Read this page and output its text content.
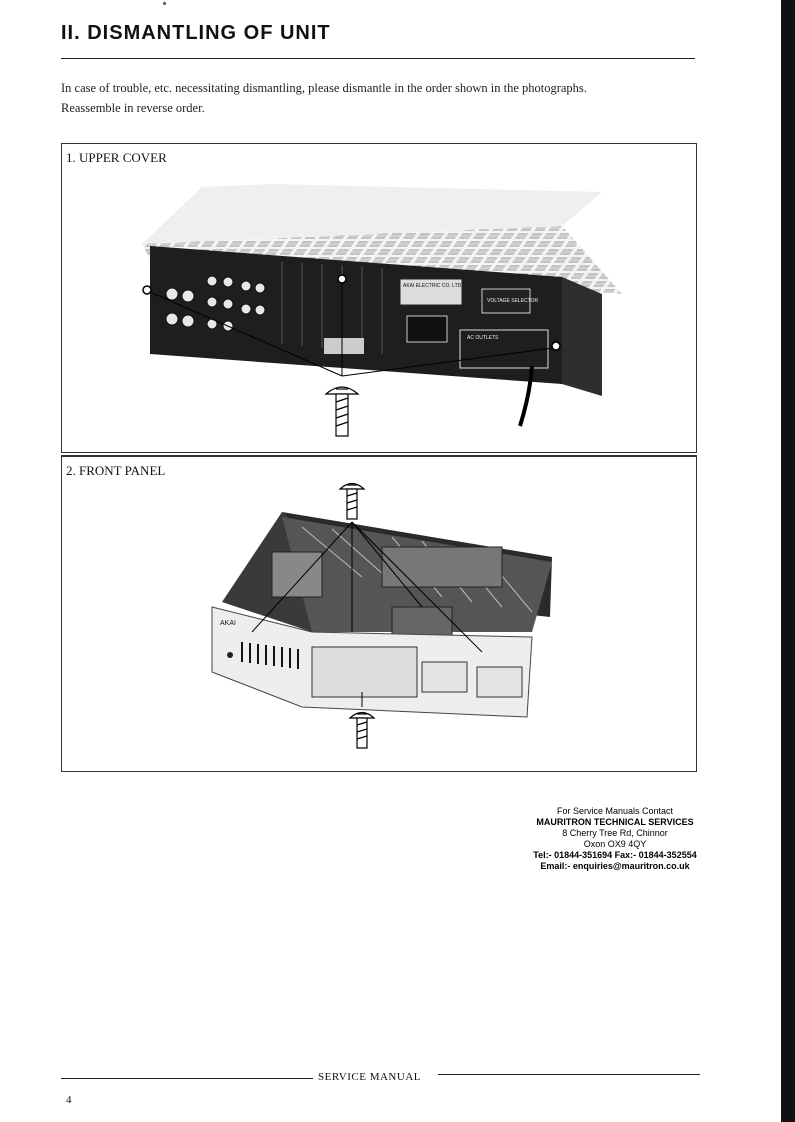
II. DISMANTLING OF UNIT
In case of trouble, etc. necessitating dismantling, please dismantle in the order shown in the photographs.
Reassemble in reverse order.
AKAI ELECTRIC CO. LTD.
VOLTAGE SELECTOR
AC OUTLETS
1. UPPER COVER
AKAI
2. FRONT PANEL
For Service Manuals Contact
MAURITRON TECHNICAL SERVICES
8 Cherry Tree Rd, Chinnor
Oxon OX9 4QY
Tel:- 01844-351694 Fax:- 01844-352554
Email:- enquiries@mauritron.co.uk
SERVICE MANUAL
4
